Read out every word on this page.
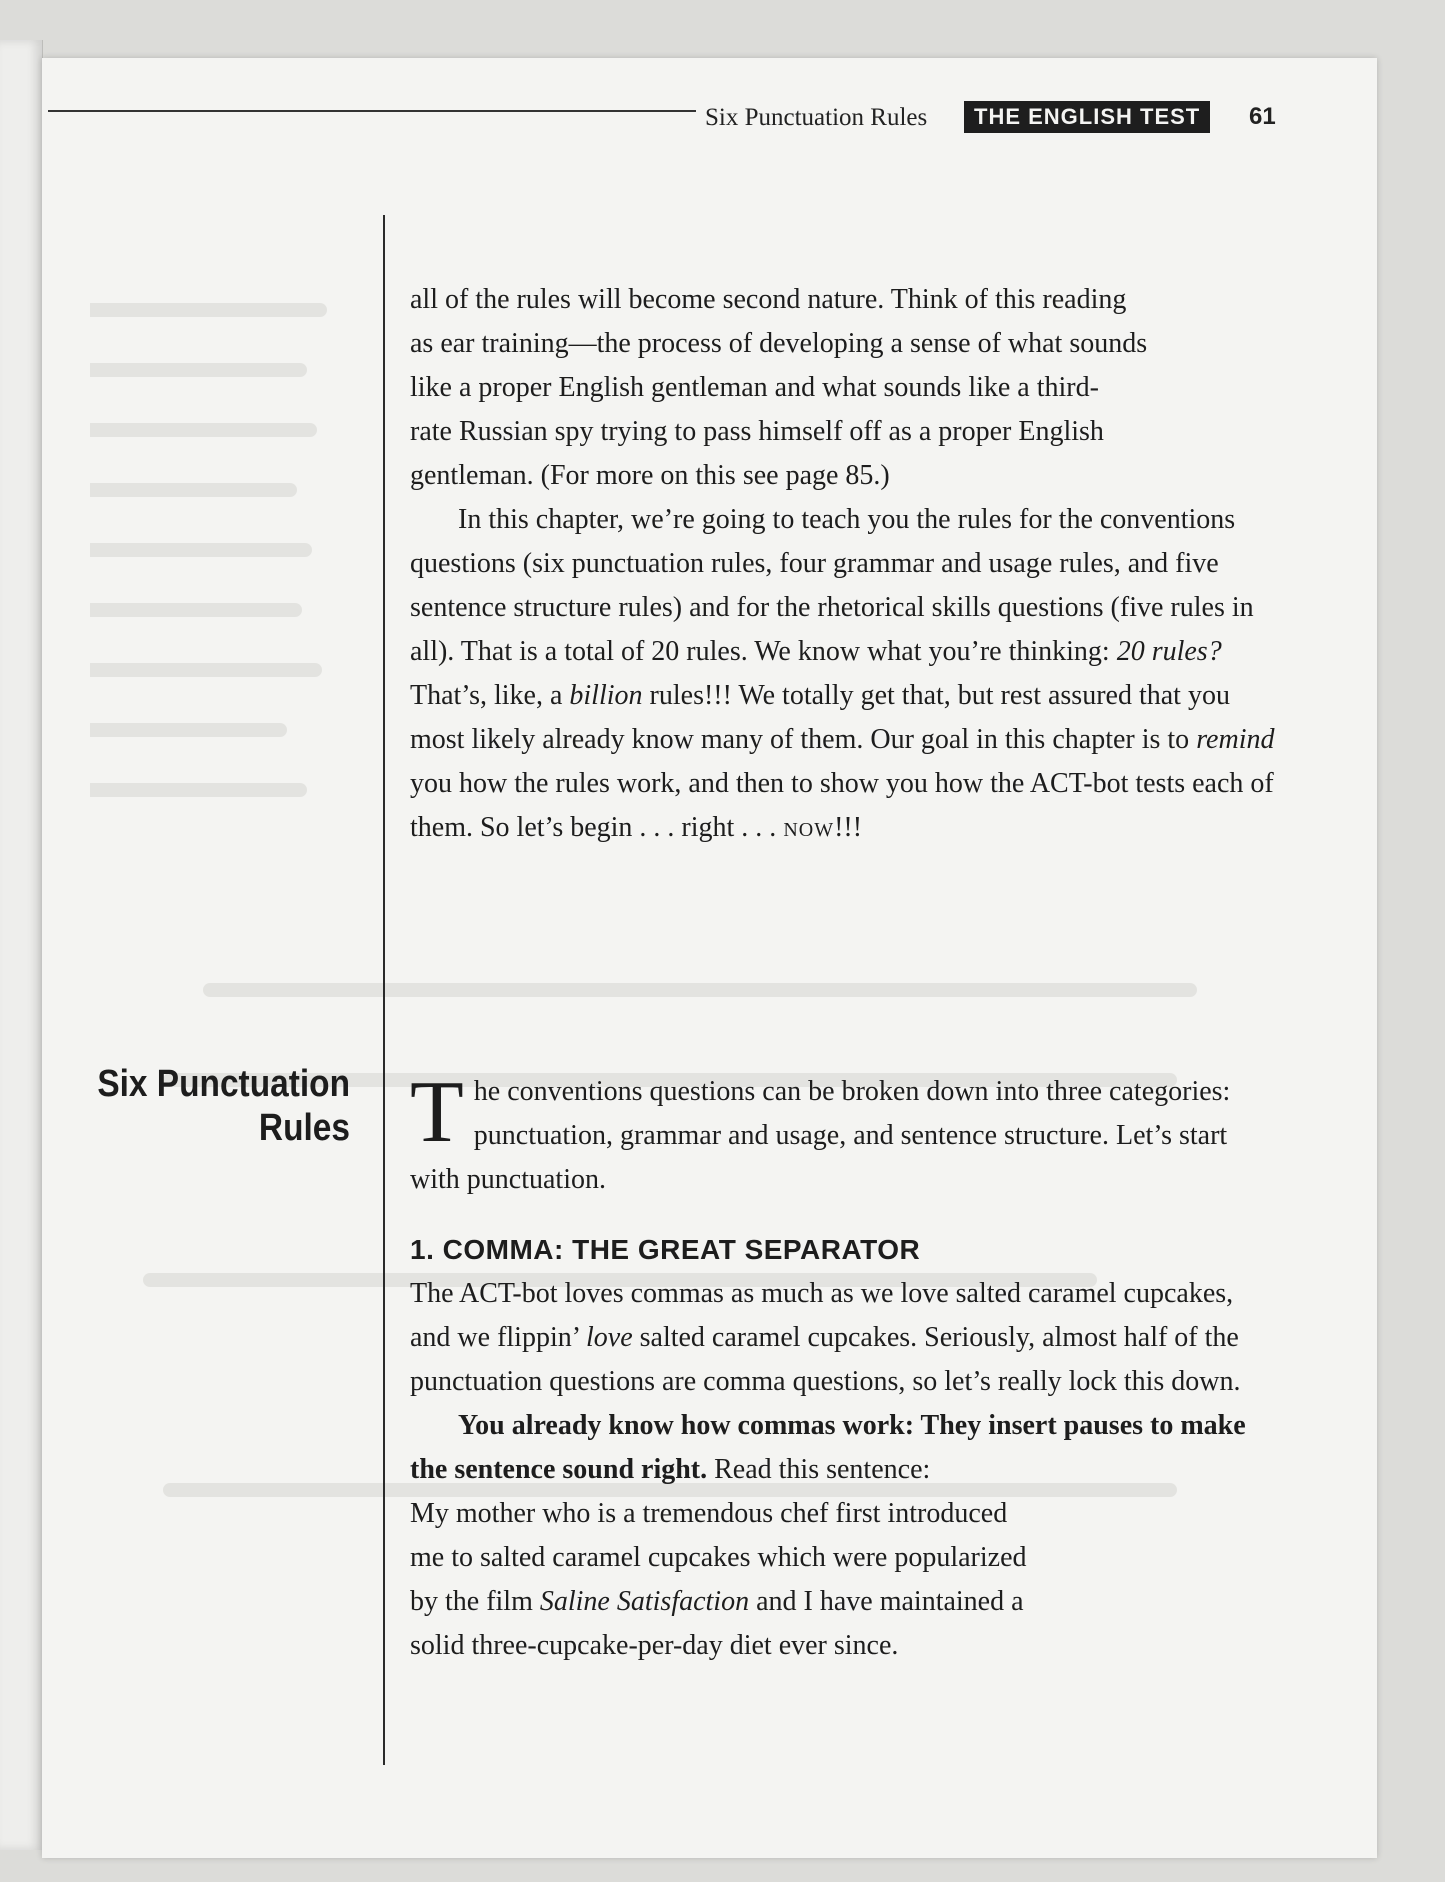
Six Punctuation Rules	THE ENGLISH TEST	61

all of the rules will become second nature. Think of this reading
as ear training—the process of developing a sense of what sounds
like a proper English gentleman and what sounds like a third-
rate Russian spy trying to pass himself off as a proper English
gentleman. (For more on this see page 85.)

In this chapter, we’re going to teach you the rules for the conventions questions (six punctuation rules, four grammar and usage rules, and five sentence structure rules) and for the rhetorical skills questions (five rules in all). That is a total of 20 rules. We know what you’re thinking: 20 rules? That’s, like, a billion rules!!! We totally get that, but rest assured that you most likely already know many of them. Our goal in this chapter is to remind you how the rules work, and then to show you how the ACT-bot tests each of them. So let’s begin . . . right . . . now!!!

Six Punctuation Rules The conventions questions can be broken down into three categories: punctuation, grammar and usage, and sentence structure. Let’s start with punctuation.

1. COMMA: THE GREAT SEPARATOR

The ACT-bot loves commas as much as we love salted caramel cupcakes, and we flippin’ love salted caramel cupcakes. Seriously, almost half of the punctuation questions are comma questions, so let’s really lock this down.

You already know how commas work: They insert pauses to make the sentence sound right. Read this sentence:

My mother who is a tremendous chef first introduced me to salted caramel cupcakes which were popularized by the film Saline Satisfaction and I have maintained a solid three-cupcake-per-day diet ever since.
